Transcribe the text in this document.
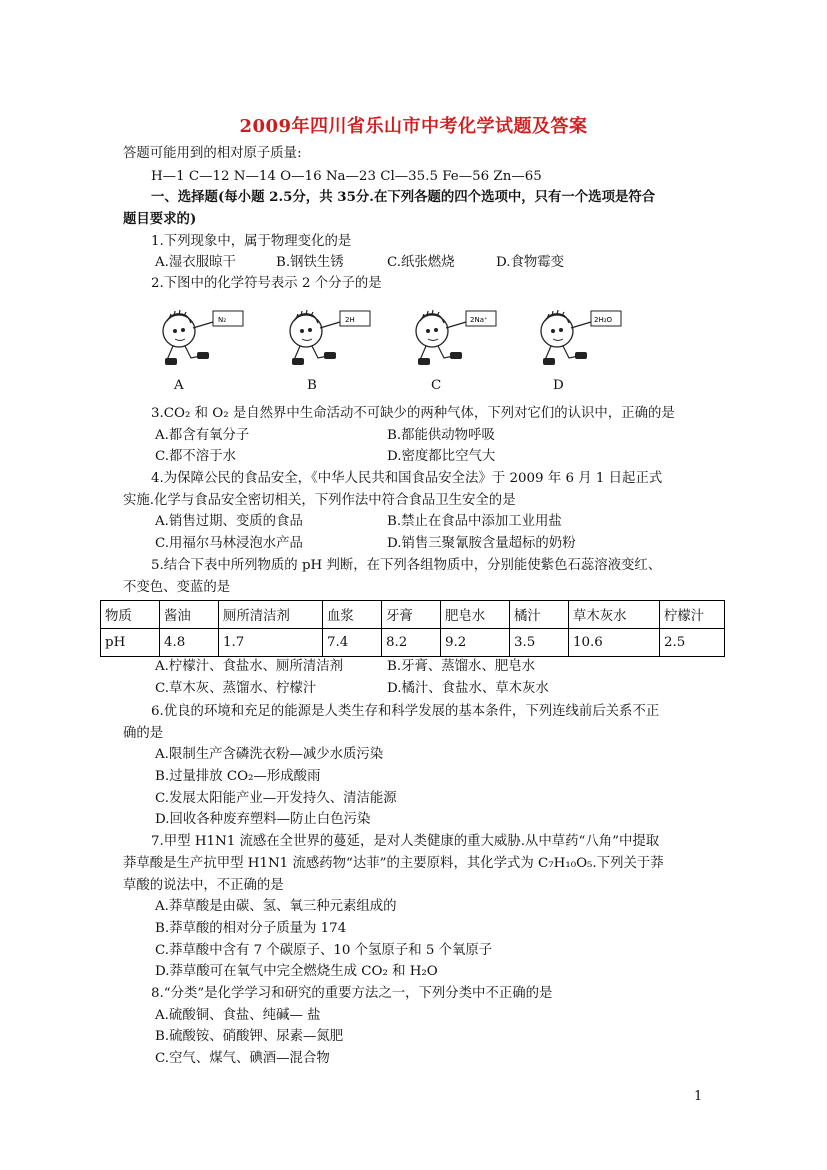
2009年四川省乐山市中考化学试题及答案
答题可能用到的相对原子质量:
H—1 C—12 N—14 O—16 Na—23 Cl—35.5 Fe—56 Zn—65
一、选择题(每小题 2.5分，共 35分.在下列各题的四个选项中，只有一个选项是符合
题目要求的)
1.下列现象中，属于物理变化的是
A.湿衣服晾干	B.钢铁生锈	C.纸张燃烧	D.食物霉变
2.下图中的化学符号表示 2 个分子的是
N₂	2H	2Na⁺	2H₂O
A	B	C	D
3.CO₂ 和 O₂ 是自然界中生命活动不可缺少的两种气体，下列对它们的认识中，正确的是
A.都含有氧分子	B.都能供动物呼吸
C.都不溶于水	D.密度都比空气大
4.为保障公民的食品安全，《中华人民共和国食品安全法》于 2009 年 6 月 1 日起正式
实施.化学与食品安全密切相关，下列作法中符合食品卫生安全的是
A.销售过期、变质的食品	B.禁止在食品中添加工业用盐
C.用福尔马林浸泡水产品	D.销售三聚氰胺含量超标的奶粉
5.结合下表中所列物质的 pH 判断，在下列各组物质中，分别能使紫色石蕊溶液变红、
不变色、变蓝的是
物质	酱油	厕所清洁剂	血浆	牙膏	肥皂水	橘汁	草木灰水	柠檬汁
pH	4.8	1.7	7.4	8.2	9.2	3.5	10.6	2.5
A.柠檬汁、食盐水、厕所清洁剂	B.牙膏、蒸馏水、肥皂水
C.草木灰、蒸馏水、柠檬汁	D.橘汁、食盐水、草木灰水
6.优良的环境和充足的能源是人类生存和科学发展的基本条件，下列连线前后关系不正
确的是
A.限制生产含磷洗衣粉—减少水质污染
B.过量排放 CO₂—形成酸雨
C.发展太阳能产业—开发持久、清洁能源
D.回收各种废弃塑料—防止白色污染
7.甲型 H1N1 流感在全世界的蔓延，是对人类健康的重大威胁.从中草药“八角”中提取
莽草酸是生产抗甲型 H1N1 流感药物“达菲”的主要原料，其化学式为 C₇H₁₀O₅.下列关于莽
草酸的说法中，不正确的是
A.莽草酸是由碳、氢、氧三种元素组成的
B.莽草酸的相对分子质量为 174
C.莽草酸中含有 7 个碳原子、10 个氢原子和 5 个氧原子
D.莽草酸可在氧气中完全燃烧生成 CO₂ 和 H₂O
8.“分类”是化学学习和研究的重要方法之一，下列分类中不正确的是
A.硫酸铜、食盐、纯碱— 盐
B.硫酸铵、硝酸钾、尿素—氮肥
C.空气、煤气、碘酒—混合物
1
